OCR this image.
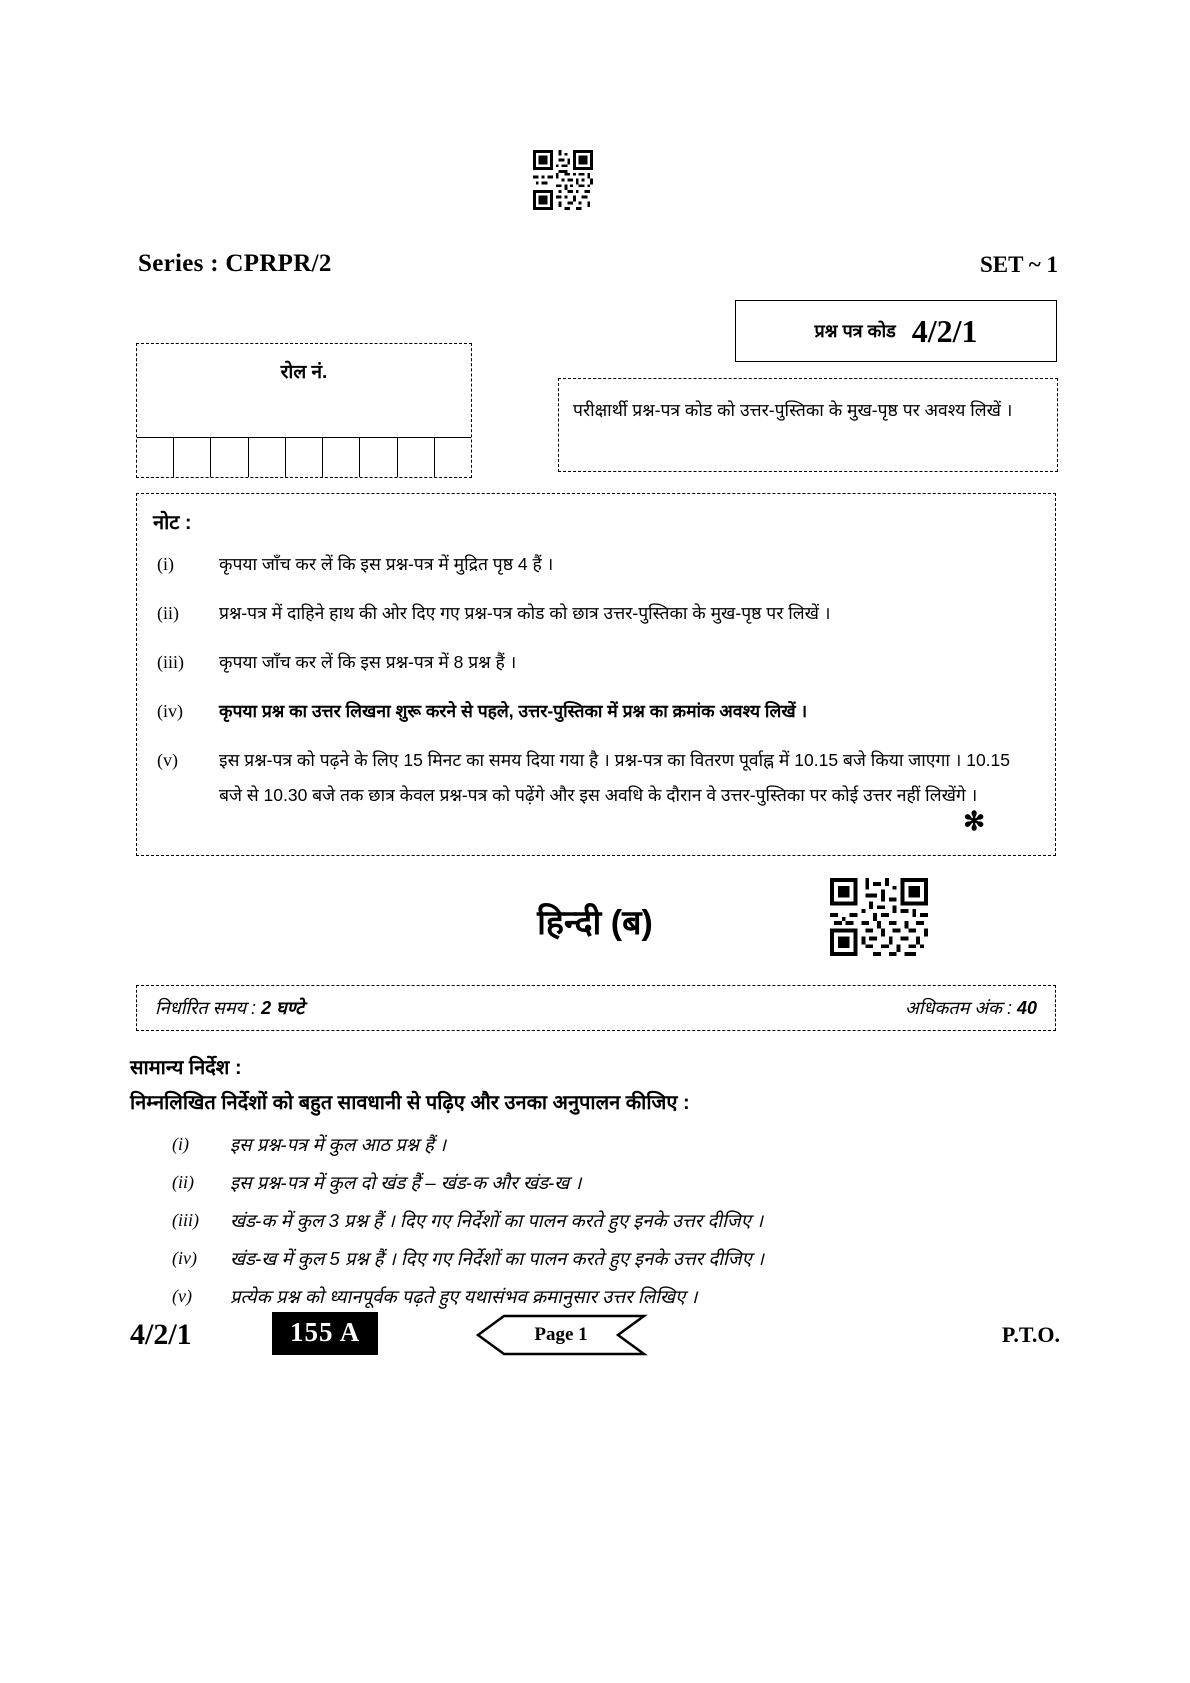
Series : CPRPR/2	SET ~ 1
रोल नं.
प्रश्न पत्र कोड 4/2/1
परीक्षार्थी प्रश्न-पत्र कोड को उत्तर-पुस्तिका के मुख-पृष्ठ पर अवश्य लिखें ।
नोट :
(i)	कृपया जाँच कर लें कि इस प्रश्न-पत्र में मुद्रित पृष्ठ 4 हैं ।
(ii)	प्रश्न-पत्र में दाहिने हाथ की ओर दिए गए प्रश्न-पत्र कोड को छात्र उत्तर-पुस्तिका के मुख-पृष्ठ पर लिखें ।
(iii)	कृपया जाँच कर लें कि इस प्रश्न-पत्र में 8 प्रश्न हैं ।
(iv)	कृपया प्रश्न का उत्तर लिखना शुरू करने से पहले, उत्तर-पुस्तिका में प्रश्न का क्रमांक अवश्य लिखें ।
(v)	इस प्रश्न-पत्र को पढ़ने के लिए 15 मिनट का समय दिया गया है । प्रश्न-पत्र का वितरण पूर्वाह्न में 10.15 बजे किया जाएगा । 10.15 बजे से 10.30 बजे तक छात्र केवल प्रश्न-पत्र को पढ़ेंगे और इस अवधि के दौरान वे उत्तर-पुस्तिका पर कोई उत्तर नहीं लिखेंगे ।
✻
हिन्दी (ब)
निर्धारित समय : 2 घण्टे	अधिकतम अंक : 40
सामान्य निर्देश :
निम्नलिखित निर्देशों को बहुत सावधानी से पढ़िए और उनका अनुपालन कीजिए :
(i)	इस प्रश्न-पत्र में कुल आठ प्रश्न हैं ।
(ii)	इस प्रश्न-पत्र में कुल दो खंड हैं – खंड-क और खंड-ख ।
(iii)	खंड-क में कुल 3 प्रश्न हैं । दिए गए निर्देशों का पालन करते हुए इनके उत्तर दीजिए ।
(iv)	खंड-ख में कुल 5 प्रश्न हैं । दिए गए निर्देशों का पालन करते हुए इनके उत्तर दीजिए ।
(v)	प्रत्येक प्रश्न को ध्यानपूर्वक पढ़ते हुए यथासंभव क्रमानुसार उत्तर लिखिए ।
4/2/1	155 A	Page 1	P.T.O.
